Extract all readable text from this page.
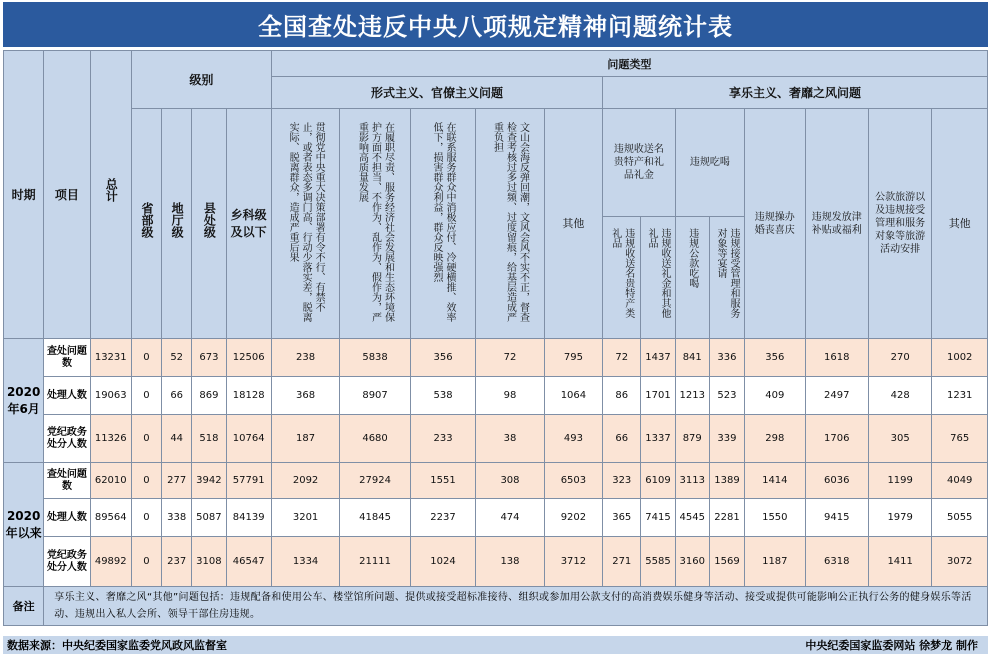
全国查处违反中央八项规定精神问题统计表
时期	项目	总计	级别				问题类型												
							形式主义、官僚主义问题					享乐主义、奢靡之风问题							
			省部级	地厅级	县处级	乡科级及以下	贯彻党中央重大决策部署有令不行、有禁不止，或者表态多调门高、行动少落实差，脱离实际、脱离群众，造成严重后果	在履职尽责、服务经济社会发展和生态环境保护方面不担当、不作为、乱作为、假作为，严重影响高质量发展	在联系服务群众中消极应付、冷硬横推、效率低下，损害群众利益，群众反映强烈	文山会海反弹回潮，文风会风不实不正，督查检查考核过多过频、过度留痕，给基层造成严重负担	其他	违规收送名贵特产和礼品礼金		违规吃喝		违规操办婚丧喜庆	违规发放津补贴或福利	公款旅游以及违规接受管理和服务对象等旅游活动安排	其他
												违规收送名贵特产类礼品	违规收送礼金和其他礼品	违规公款吃喝	违规接受管理和服务对象等宴请				
2020年6月	查处问题数	13231	0	52	673	12506	238	5838	356	72	795	72	1437	841	336	356	1618	270	1002
	处理人数	19063	0	66	869	18128	368	8907	538	98	1064	86	1701	1213	523	409	2497	428	1231
	党纪政务处分人数	11326	0	44	518	10764	187	4680	233	38	493	66	1337	879	339	298	1706	305	765
2020年以来	查处问题数	62010	0	277	3942	57791	2092	27924	1551	308	6503	323	6109	3113	1389	1414	6036	1199	4049
	处理人数	89564	0	338	5087	84139	3201	41845	2237	474	9202	365	7415	4545	2281	1550	9415	1979	5055
	党纪政务处分人数	49892	0	237	3108	46547	1334	21111	1024	138	3712	271	5585	3160	1569	1187	6318	1411	3072
备注	享乐主义、奢靡之风“其他”问题包括：违规配备和使用公车、楼堂馆所问题、提供或接受超标准接待、组织或参加用公款支付的高消费娱乐健身等活动、接受或提供可能影响公正执行公务的健身娱乐等活动、违规出入私人会所、领导干部住房违规。																		
数据来源：中央纪委国家监委党风政风监督室	中央纪委国家监委网站 徐梦龙 制作
